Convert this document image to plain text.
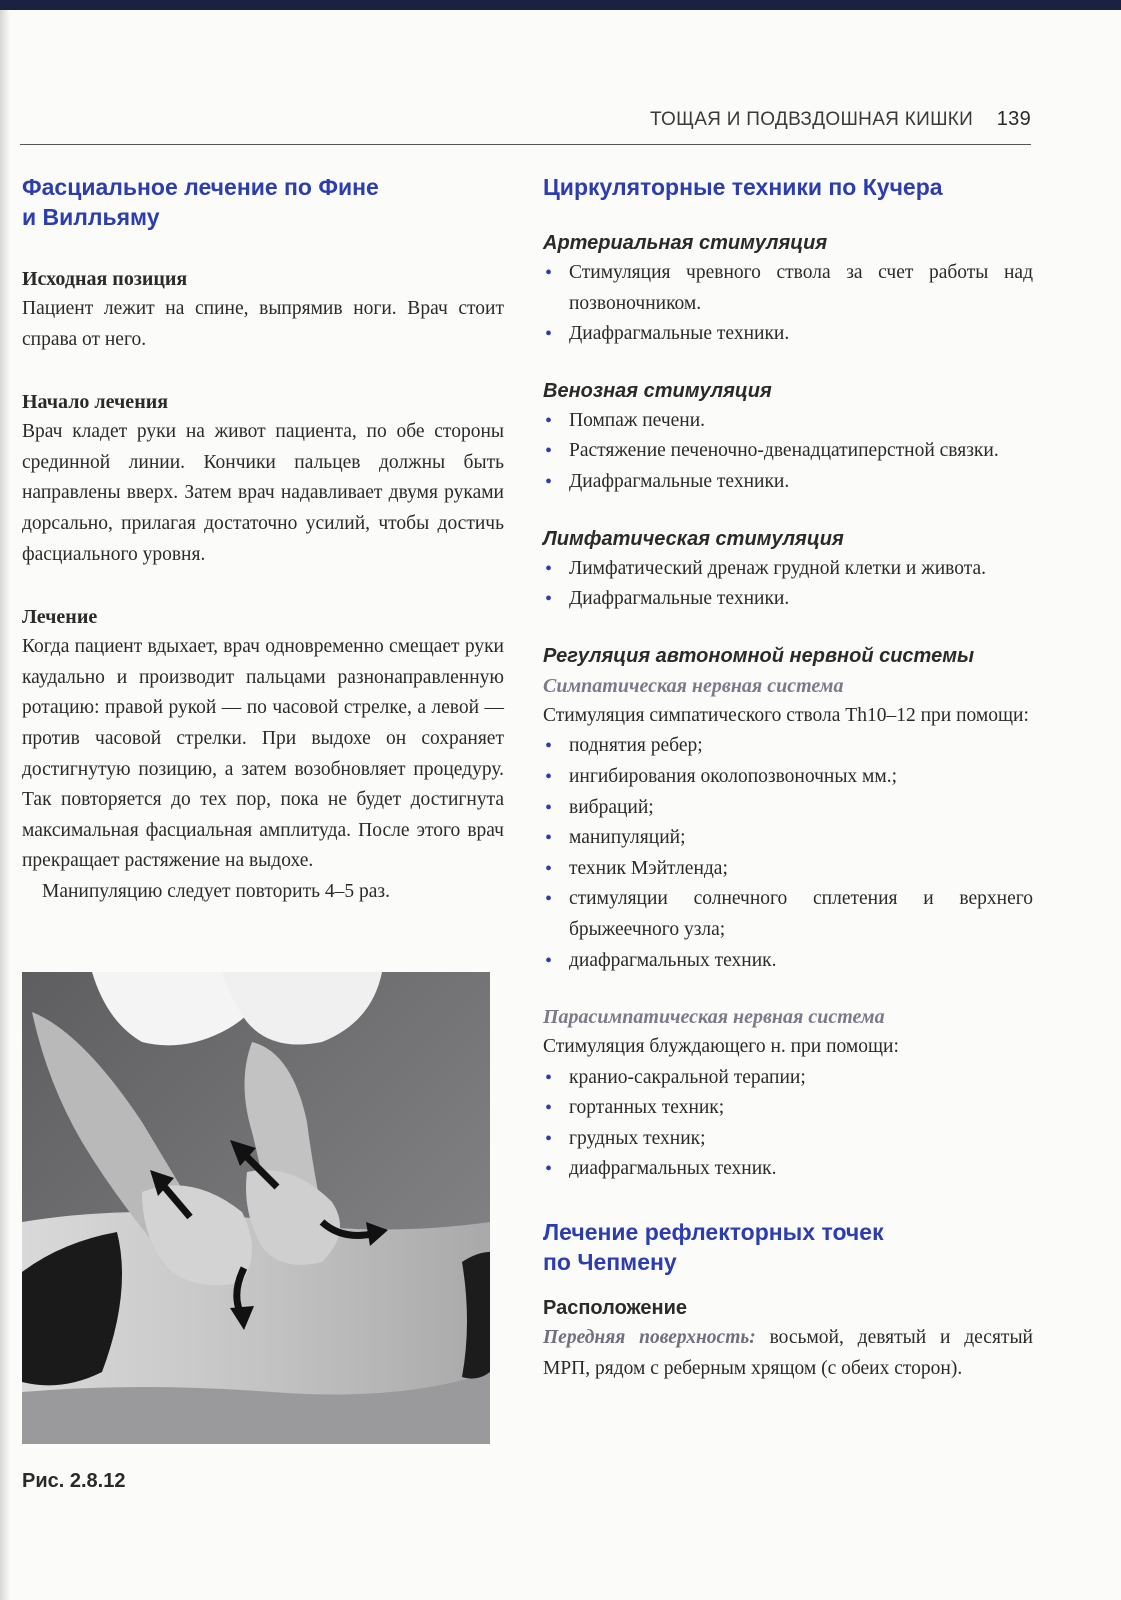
ТОЩАЯ И ПОДВЗДОШНАЯ КИШКИ 139
Фасциальное лечение по Фине
и Вилльяму
Исходная позиция

Пациент лежит на спине, выпрямив ноги. Врач стоит справа от него.

Начало лечения

Врач кладет руки на живот пациента, по обе стороны срединной линии. Кончики пальцев должны быть направлены вверх. Затем врач надавливает двумя руками дорсально, прилагая достаточно усилий, чтобы достичь фасциального уровня.

Лечение

Когда пациент вдыхает, врач одновременно смещает руки каудально и производит пальцами разнонаправленную ротацию: правой рукой — по часовой стрелке, а левой — против часовой стрелки. При выдохе он сохраняет достигнутую позицию, а затем возобновляет процедуру. Так повторяется до тех пор, пока не будет достигнута максимальная фасциальная амплитуда. После этого врач прекращает растяжение на выдохе.

Манипуляцию следует повторить 4–5 раз.

Рис. 2.8.12
Циркуляторные техники по Кучера
Артериальная стимуляция
• Стимуляция чревного ствола за счет работы над позвоночником.
• Диафрагмальные техники.
Венозная стимуляция
• Помпаж печени.
• Растяжение печеночно-двенадцатиперстной связки.
• Диафрагмальные техники.
Лимфатическая стимуляция
• Лимфатический дренаж грудной клетки и живота.
• Диафрагмальные техники.
Регуляция автономной нервной системы
Симпатическая нервная система

Стимуляция симпатического ствола Th10–12 при помощи:

• поднятия ребер;
• ингибирования околопозвоночных мм.;
• вибраций;
• манипуляций;
• техник Мэйтленда;
• стимуляции солнечного сплетения и верхнего брыжеечного узла;
• диафрагмальных техник.
Парасимпатическая нервная система

Стимуляция блуждающего н. при помощи:

• кранио-сакральной терапии;
• гортанных техник;
• грудных техник;
• диафрагмальных техник.
Лечение рефлекторных точек
по Чепмену
Расположение

Передняя поверхность: восьмой, девятый и десятый МРП, рядом с реберным хрящом (с обеих сторон).
